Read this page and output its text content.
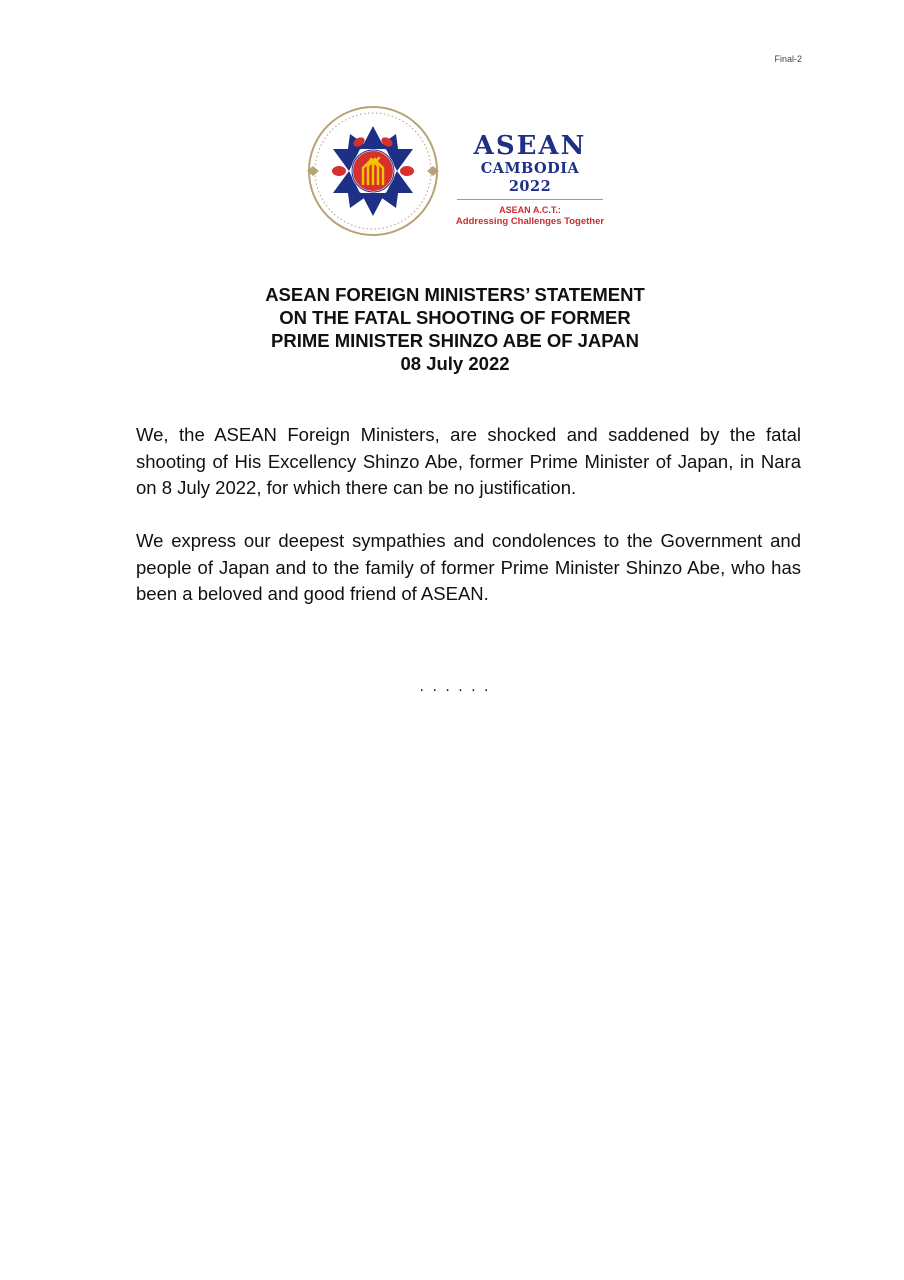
Final-2
ASEAN
CAMBODIA 2022
ASEAN A.C.T.:
Addressing Challenges Together
ASEAN FOREIGN MINISTERS’ STATEMENT
ON THE FATAL SHOOTING OF FORMER
PRIME MINISTER SHINZO ABE OF JAPAN
08 July 2022

We, the ASEAN Foreign Ministers, are shocked and saddened by the fatal shooting of His Excellency Shinzo Abe, former Prime Minister of Japan, in Nara on 8 July 2022, for which there can be no justification.

We express our deepest sympathies and condolences to the Government and people of Japan and to the family of former Prime Minister Shinzo Abe, who has been a beloved and good friend of ASEAN.

. . . . . .
